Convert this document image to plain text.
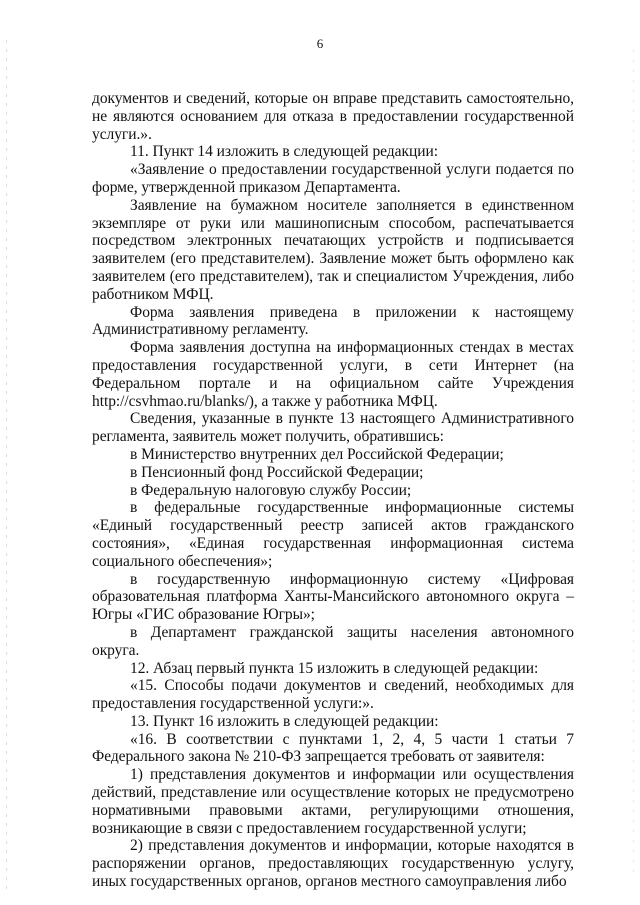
6

документов и сведений, которые он вправе представить самостоятельно, не являются основанием для отказа в предоставлении государственной услуги.».

11. Пункт 14 изложить в следующей редакции:

«Заявление о предоставлении государственной услуги подается по форме, утвержденной приказом Департамента.

Заявление на бумажном носителе заполняется в единственном экземпляре от руки или машинописным способом, распечатывается посредством электронных печатающих устройств и подписывается заявителем (его представителем). Заявление может быть оформлено как заявителем (его представителем), так и специалистом Учреждения, либо работником МФЦ.

Форма заявления приведена в приложении к настоящему Административному регламенту.

Форма заявления доступна на информационных стендах в местах предоставления государственной услуги, в сети Интернет (на Федеральном портале и на официальном сайте Учреждения http://csvhmao.ru/blanks/), а также у работника МФЦ.

Сведения, указанные в пункте 13 настоящего Административного регламента, заявитель может получить, обратившись:

в Министерство внутренних дел Российской Федерации;

в Пенсионный фонд Российской Федерации;

в Федеральную налоговую службу России;

в федеральные государственные информационные системы «Единый государственный реестр записей актов гражданского состояния», «Единая государственная информационная система социального обеспечения»;

в государственную информационную систему «Цифровая образовательная платформа Ханты-Мансийского автономного округа – Югры «ГИС образование Югры»;

в Департамент гражданской защиты населения автономного округа.

12. Абзац первый пункта 15 изложить в следующей редакции:

«15. Способы подачи документов и сведений, необходимых для предоставления государственной услуги:».

13. Пункт 16 изложить в следующей редакции:

«16. В соответствии с пунктами 1, 2, 4, 5 части 1 статьи 7 Федерального закона № 210-ФЗ запрещается требовать от заявителя:

1) представления документов и информации или осуществления действий, представление или осуществление которых не предусмотрено нормативными правовыми актами, регулирующими отношения, возникающие в связи с предоставлением государственной услуги;

2) представления документов и информации, которые находятся в распоряжении органов, предоставляющих государственную услугу, иных государственных органов, органов местного самоуправления либо
